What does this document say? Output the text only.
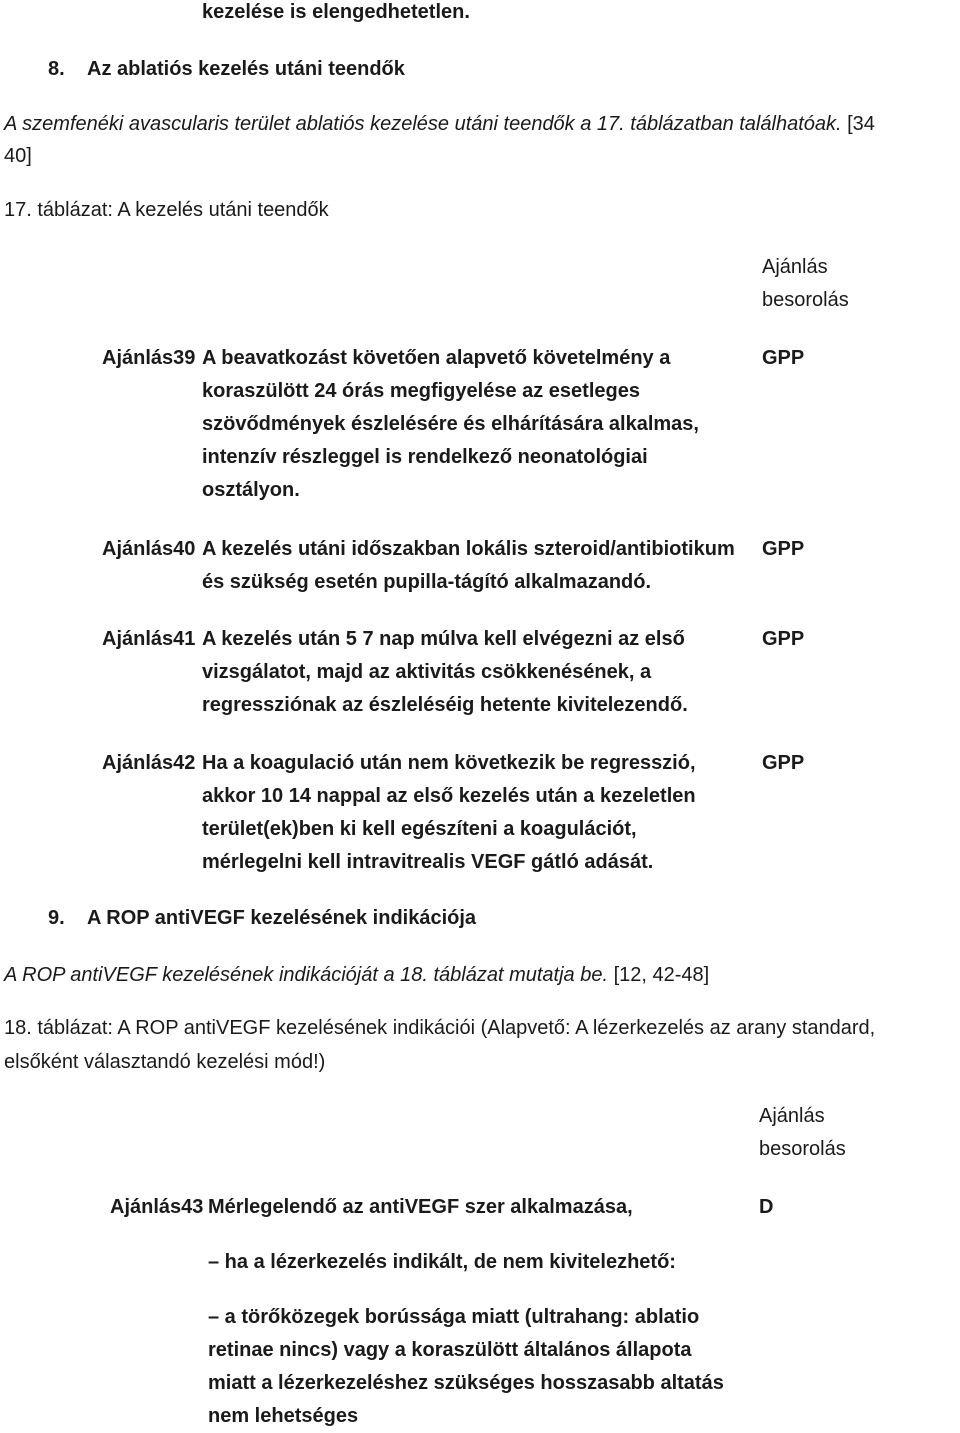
kezelése is elengedhetetlen.
8. Az ablatiós kezelés utáni teendők
A szemfenéki avascularis terület ablatiós kezelése utáni teendők a 17. táblázatban találhatóak. [34
40]
17. táblázat: A kezelés utáni teendők
Ajánlás
besorolás
Ajánlás39 A beavatkozást követően alapvető követelmény a
koraszülött 24 órás megfigyelése az esetleges
szövődmények észlelésére és elhárítására alkalmas,
intenzív részleggel is rendelkező neonatológiai
osztályon.
GPP
Ajánlás40 A kezelés utáni időszakban lokális szteroid/antibiotikum
és szükség esetén pupilla-tágító alkalmazandó.
GPP
Ajánlás41 A kezelés után 5 7 nap múlva kell elvégezni az első
vizsgálatot, majd az aktivitás csökkenésének, a
regressziónak az észleléséig hetente kivitelezendő.
GPP
Ajánlás42 Ha a koagulació után nem következik be regresszió,
akkor 10 14 nappal az első kezelés után a kezeletlen
terület(ek)ben ki kell egészíteni a koagulációt,
mérlegelni kell intravitrealis VEGF gátló adását.
GPP
9. A ROP antiVEGF kezelésének indikációja
A ROP antiVEGF kezelésének indikációját a 18. táblázat mutatja be. [12, 42-48]
18. táblázat: A ROP antiVEGF kezelésének indikációi (Alapvető: A lézerkezelés az arany standard,
elsőként választandó kezelési mód!)
Ajánlás
besorolás
Ajánlás43 Mérlegelendő az antiVEGF szer alkalmazása,	D
– ha a lézerkezelés indikált, de nem kivitelezhető:
– a törőközegek borússága miatt (ultrahang: ablatio
retinae nincs) vagy a koraszülött általános állapota
miatt a lézerkezeléshez szükséges hosszasabb altatás
nem lehetséges
